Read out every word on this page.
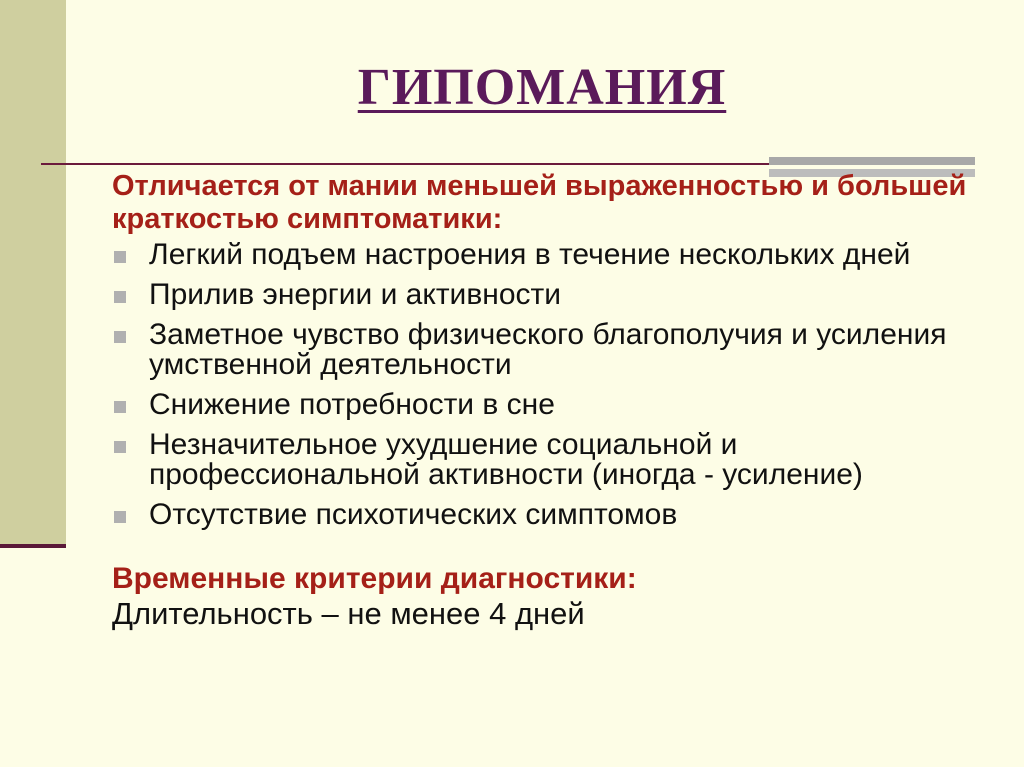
ГИПОМАНИЯ

Отличается от мании меньшей выраженностью и большей краткостью симптоматики:

Легкий подъем настроения в течение нескольких дней
Прилив энергии и активности
Заметное чувство физического благополучия и усиления умственной деятельности
Снижение потребности в сне
Незначительное ухудшение социальной и профессиональной активности (иногда - усиление)
Отсутствие психотических симптомов
Временные критерии диагностики:
Длительность – не менее 4 дней
